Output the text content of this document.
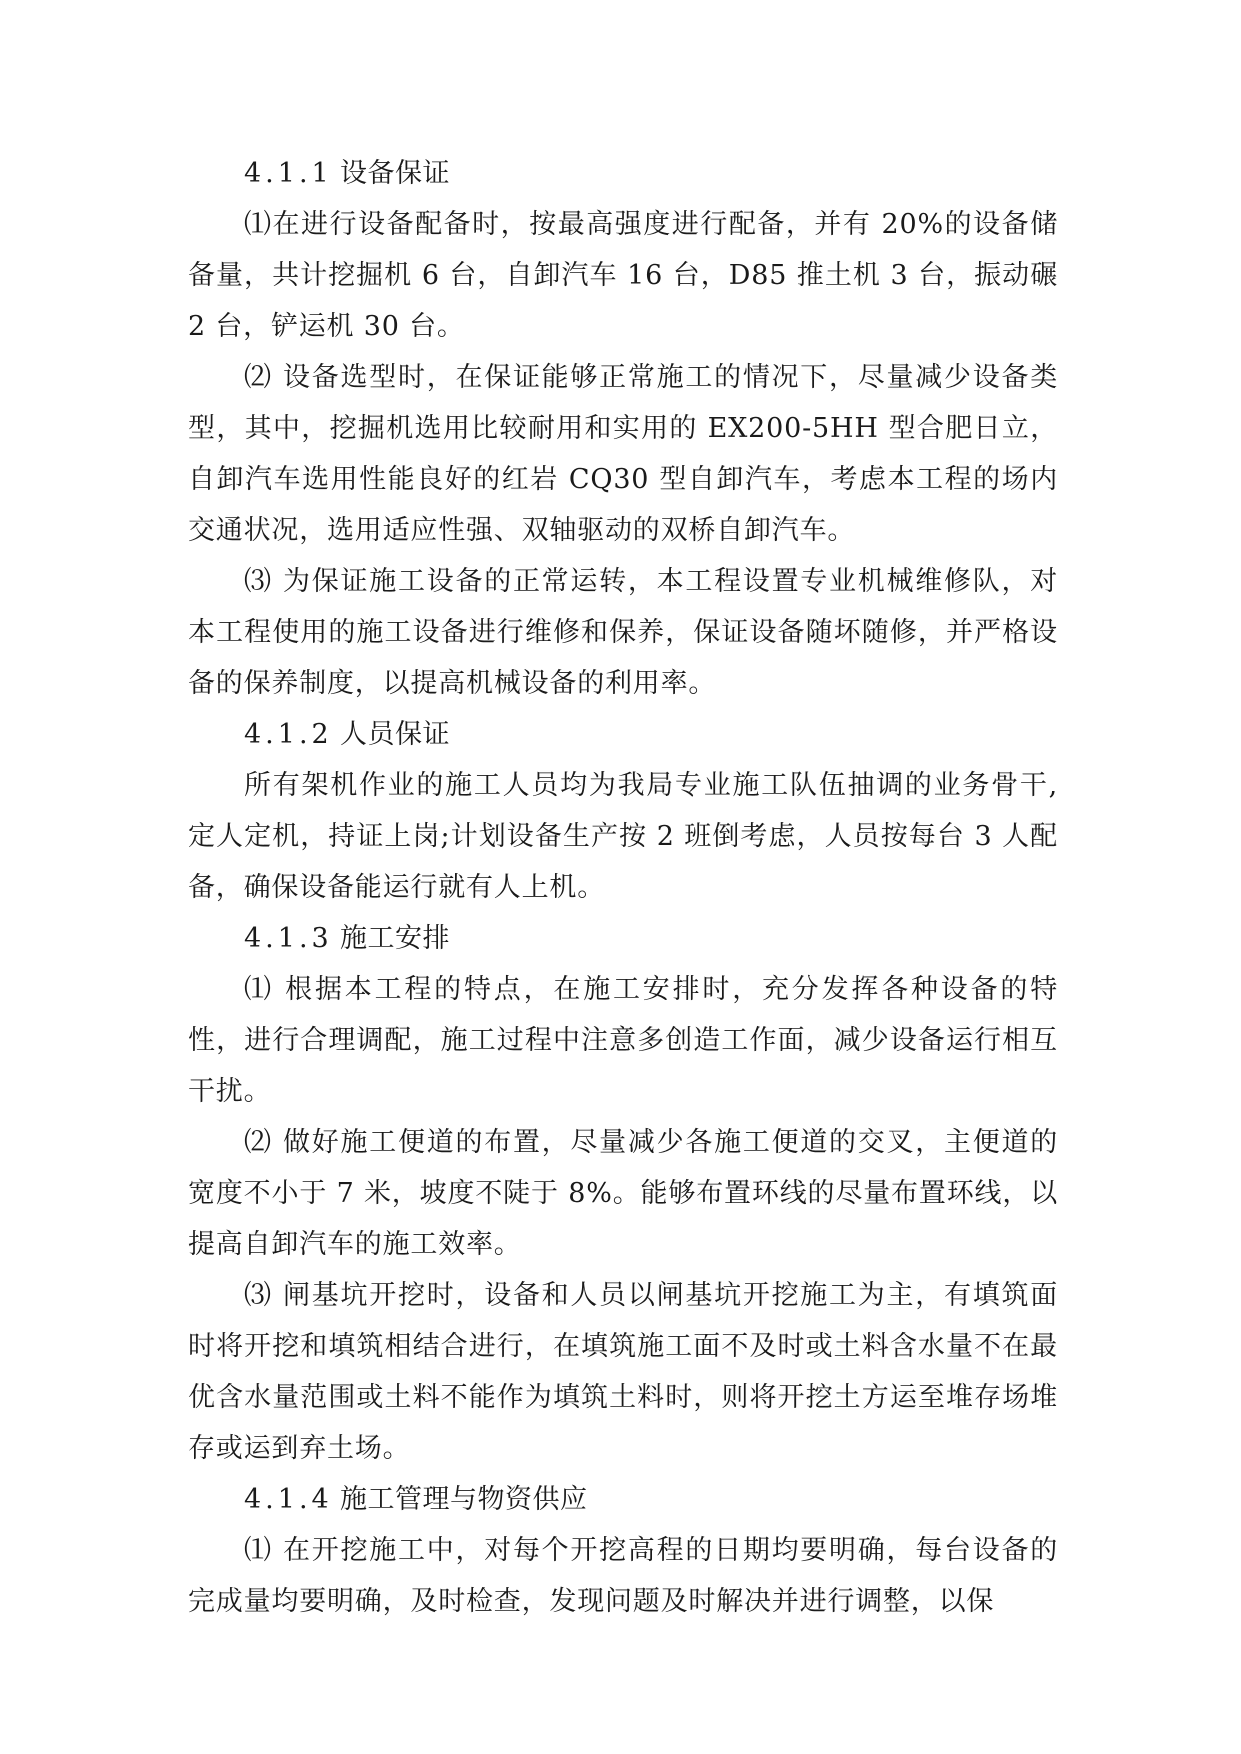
4.1.1 设备保证

⑴在进行设备配备时，按最高强度进行配备，并有 20%的设备储备量，共计挖掘机 6 台，自卸汽车 16 台，D85 推土机 3 台，振动碾 2 台，铲运机 30 台。

⑵ 设备选型时，在保证能够正常施工的情况下，尽量减少设备类型，其中，挖掘机选用比较耐用和实用的 EX200-5HH 型合肥日立，自卸汽车选用性能良好的红岩 CQ30 型自卸汽车，考虑本工程的场内交通状况，选用适应性强、双轴驱动的双桥自卸汽车。

⑶ 为保证施工设备的正常运转，本工程设置专业机械维修队，对本工程使用的施工设备进行维修和保养，保证设备随坏随修，并严格设备的保养制度，以提高机械设备的利用率。

4.1.2 人员保证

所有架机作业的施工人员均为我局专业施工队伍抽调的业务骨干,定人定机，持证上岗;计划设备生产按 2 班倒考虑，人员按每台 3 人配备，确保设备能运行就有人上机。

4.1.3 施工安排

⑴ 根据本工程的特点，在施工安排时，充分发挥各种设备的特性，进行合理调配，施工过程中注意多创造工作面，减少设备运行相互干扰。

⑵ 做好施工便道的布置，尽量减少各施工便道的交叉，主便道的宽度不小于 7 米，坡度不陡于 8%。能够布置环线的尽量布置环线，以提高自卸汽车的施工效率。

⑶ 闸基坑开挖时，设备和人员以闸基坑开挖施工为主，有填筑面时将开挖和填筑相结合进行，在填筑施工面不及时或土料含水量不在最优含水量范围或土料不能作为填筑土料时，则将开挖土方运至堆存场堆存或运到弃土场。

4.1.4 施工管理与物资供应

⑴ 在开挖施工中，对每个开挖高程的日期均要明确，每台设备的完成量均要明确，及时检查，发现问题及时解决并进行调整，以保
